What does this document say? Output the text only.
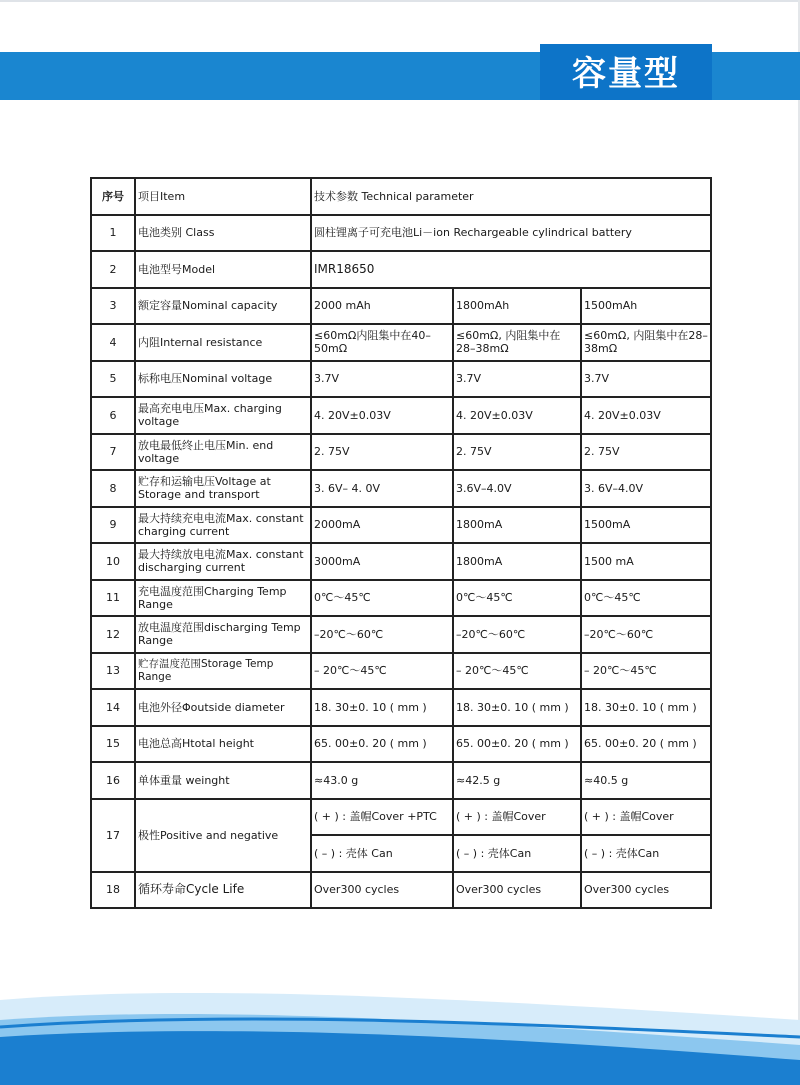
容量型
序号	项目Item	技术参数 Technical parameter		
1	电池类别 Class	圆柱锂离子可充电池Li－ion Rechargeable cylindrical battery		
2	电池型号Model	IMR18650		
3	额定容量Nominal capacity	2000 mAh	1800mAh	1500mAh
4	内阻Internal resistance	≤60mΩ内阻集中在40–50mΩ	≤60mΩ, 内阻集中在28–38mΩ	≤60mΩ, 内阻集中在28–38mΩ
5	标称电压Nominal voltage	3.7V	3.7V	3.7V
6	最高充电电压Max. charging voltage	4. 20V±0.03V	4. 20V±0.03V	4. 20V±0.03V
7	放电最低终止电压Min. end voltage	2. 75V	2. 75V	2. 75V
8	贮存和运输电压Voltage at Storage and transport	3. 6V– 4. 0V	3.6V–4.0V	3. 6V–4.0V
9	最大持续充电电流Max. constant charging current	2000mA	1800mA	1500mA
10	最大持续放电电流Max. constant discharging current	3000mA	1800mA	1500 mA
11	充电温度范围Charging Temp Range	0℃～45℃	0℃～45℃	0℃～45℃
12	放电温度范围discharging Temp Range	–20℃～60℃	–20℃～60℃	–20℃～60℃
13	贮存温度范围Storage Temp Range	– 20℃～45℃	– 20℃～45℃	– 20℃～45℃
14	电池外径Φoutside diameter	18. 30±0. 10 ( mm )	18. 30±0. 10 ( mm )	18. 30±0. 10 ( mm )
15	电池总高Htotal height	65. 00±0. 20 ( mm )	65. 00±0. 20 ( mm )	65. 00±0. 20 ( mm )
16	单体重量 weinght	≈43.0 g	≈42.5 g	≈40.5 g
17	极性Positive and negative	( + ) : 盖帽Cover +PTC	( + ) : 盖帽Cover	( + ) : 盖帽Cover
		( – ) : 壳体 Can	( – ) : 壳体Can	( – ) : 壳体Can
18	循环寿命Cycle Life	Over300 cycles	Over300 cycles	Over300 cycles
